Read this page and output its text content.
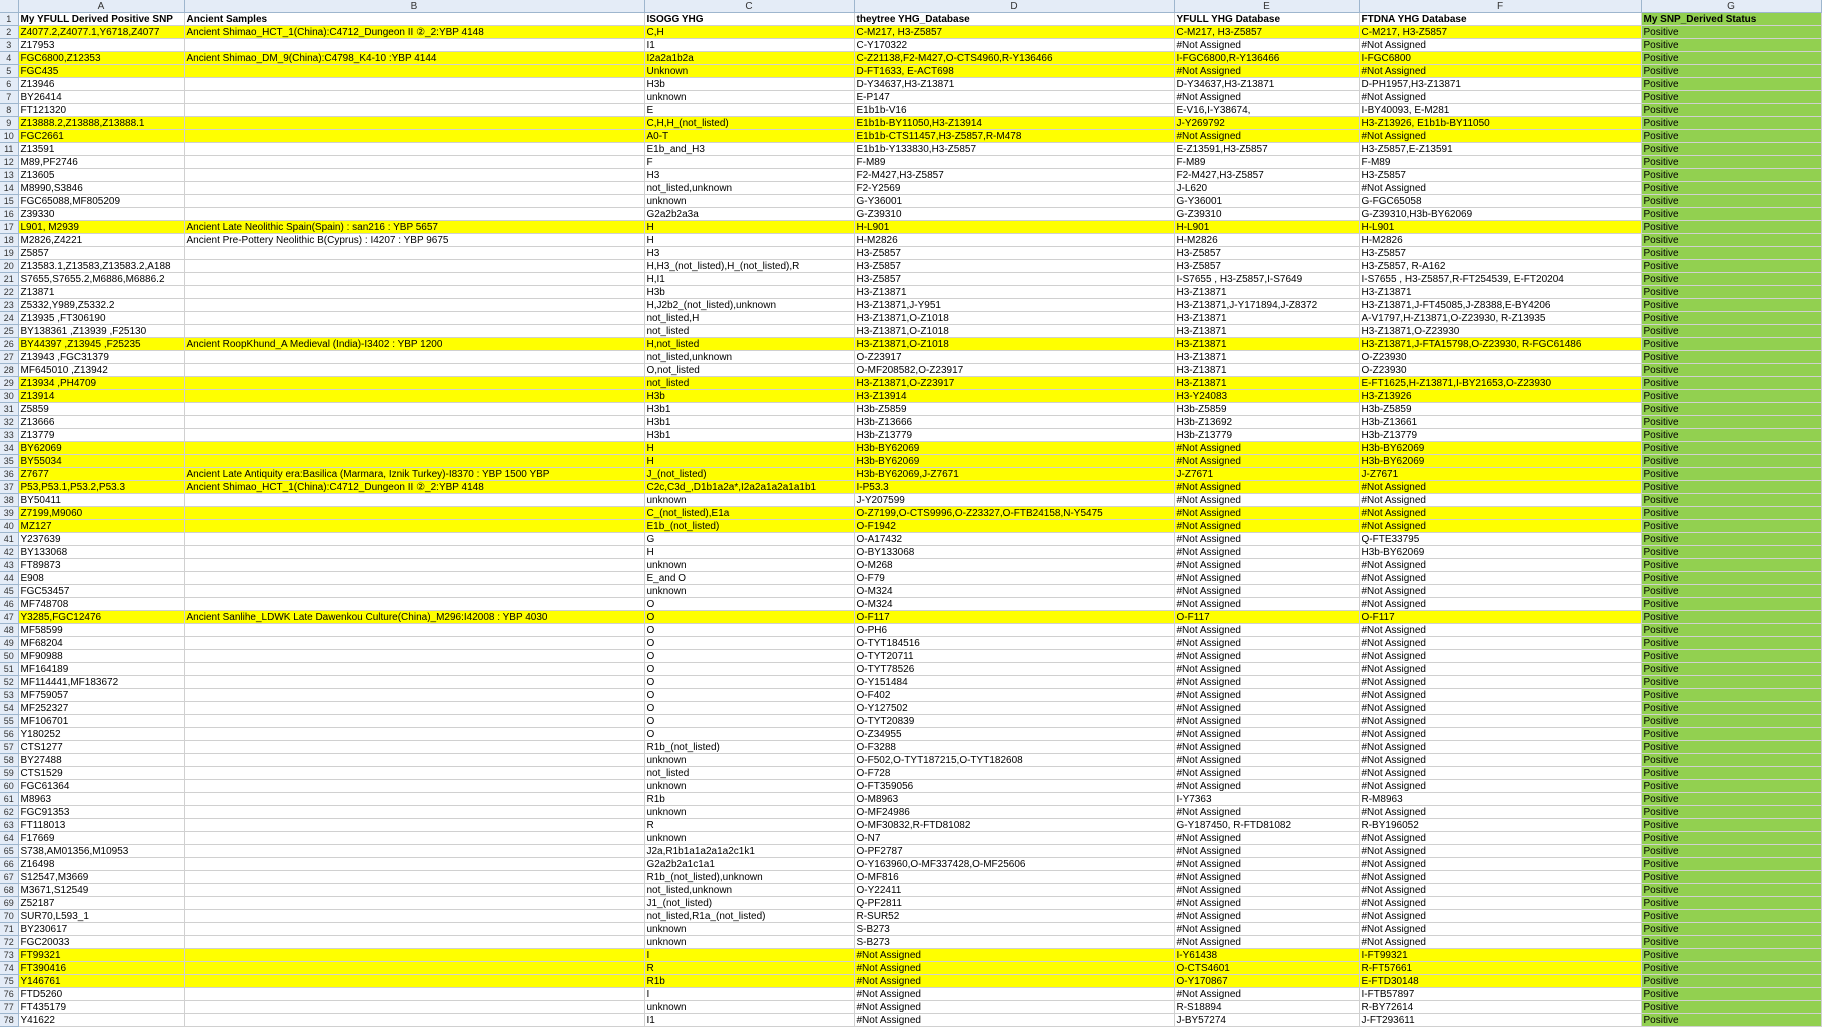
	A	B	C	D	E	F	G
1	My YFULL Derived Positive SNP	Ancient Samples	ISOGG YHG	theytree YHG_Database	YFULL YHG Database	FTDNA YHG Database	My SNP_Derived Status
2	Z4077.2,Z4077.1,Y6718,Z4077	Ancient Shimao_HCT_1(China):C4712_Dungeon II ②_2:YBP 4148	C,H	C-M217, H3-Z5857	C-M217, H3-Z5857	C-M217, H3-Z5857	Positive
3	Z17953		I1	C-Y170322	#Not Assigned	#Not Assigned	Positive
4	FGC6800,Z12353	Ancient Shimao_DM_9(China):C4798_K4-10 :YBP 4144	I2a2a1b2a	C-Z21138,F2-M427,O-CTS4960,R-Y136466	I-FGC6800,R-Y136466	I-FGC6800	Positive
5	FGC435		Unknown	D-FT1633, E-ACT698	#Not Assigned	#Not Assigned	Positive
6	Z13946		H3b	D-Y34637,H3-Z13871	D-Y34637,H3-Z13871	D-PH1957,H3-Z13871	Positive
7	BY26414		unknown	E-P147	#Not Assigned	#Not Assigned	Positive
8	FT121320		E	E1b1b-V16	E-V16,I-Y38674,	I-BY40093, E-M281	Positive
9	Z13888.2,Z13888,Z13888.1		C,H,H_(not_listed)	E1b1b-BY11050,H3-Z13914	J-Y269792	H3-Z13926, E1b1b-BY11050	Positive
10	FGC2661		A0-T	E1b1b-CTS11457,H3-Z5857,R-M478	#Not Assigned	#Not Assigned	Positive
11	Z13591		E1b_and_H3	E1b1b-Y133830,H3-Z5857	E-Z13591,H3-Z5857	H3-Z5857,E-Z13591	Positive
12	M89,PF2746		F	F-M89	F-M89	F-M89	Positive
13	Z13605		H3	F2-M427,H3-Z5857	F2-M427,H3-Z5857	H3-Z5857	Positive
14	M8990,S3846		not_listed,unknown	F2-Y2569	J-L620	#Not Assigned	Positive
15	FGC65088,MF805209		unknown	G-Y36001	G-Y36001	G-FGC65058	Positive
16	Z39330		G2a2b2a3a	G-Z39310	G-Z39310	G-Z39310,H3b-BY62069	Positive
17	L901, M2939	Ancient Late Neolithic Spain(Spain) : san216 : YBP 5657	H	H-L901	H-L901	H-L901	Positive
18	M2826,Z4221	Ancient Pre-Pottery Neolithic B(Cyprus) : I4207 : YBP 9675	H	H-M2826	H-M2826	H-M2826	Positive
19	Z5857		H3	H3-Z5857	H3-Z5857	H3-Z5857	Positive
20	Z13583.1,Z13583,Z13583.2,A188		H,H3_(not_listed),H_(not_listed),R	H3-Z5857	H3-Z5857	H3-Z5857, R-A162	Positive
21	S7655,S7655.2,M6886,M6886.2		H,I1	H3-Z5857	I-S7655 , H3-Z5857,I-S7649	I-S7655 , H3-Z5857,R-FT254539, E-FT20204	Positive
22	Z13871		H3b	H3-Z13871	H3-Z13871	H3-Z13871	Positive
23	Z5332,Y989,Z5332.2		H,J2b2_(not_listed),unknown	H3-Z13871,J-Y951	H3-Z13871,J-Y171894,J-Z8372	H3-Z13871,J-FT45085,J-Z8388,E-BY4206	Positive
24	Z13935 ,FT306190		not_listed,H	H3-Z13871,O-Z1018	H3-Z13871	A-V1797,H-Z13871,O-Z23930, R-Z13935	Positive
25	BY138361 ,Z13939 ,F25130		not_listed	H3-Z13871,O-Z1018	H3-Z13871	H3-Z13871,O-Z23930	Positive
26	BY44397 ,Z13945 ,F25235	Ancient RoopKhund_A Medieval (India)-I3402 : YBP 1200	H,not_listed	H3-Z13871,O-Z1018	H3-Z13871	H3-Z13871,J-FTA15798,O-Z23930, R-FGC61486	Positive
27	Z13943 ,FGC31379		not_listed,unknown	O-Z23917	H3-Z13871	O-Z23930	Positive
28	MF645010 ,Z13942		O,not_listed	O-MF208582,O-Z23917	H3-Z13871	O-Z23930	Positive
29	Z13934 ,PH4709		not_listed	H3-Z13871,O-Z23917	H3-Z13871	E-FT1625,H-Z13871,I-BY21653,O-Z23930	Positive
30	Z13914		H3b	H3-Z13914	H3-Y24083	H3-Z13926	Positive
31	Z5859		H3b1	H3b-Z5859	H3b-Z5859	H3b-Z5859	Positive
32	Z13666		H3b1	H3b-Z13666	H3b-Z13692	H3b-Z13661	Positive
33	Z13779		H3b1	H3b-Z13779	H3b-Z13779	H3b-Z13779	Positive
34	BY62069		H	H3b-BY62069	#Not Assigned	H3b-BY62069	Positive
35	BY55034		H	H3b-BY62069	#Not Assigned	H3b-BY62069	Positive
36	Z7677	Ancient Late Antiquity era:Basilica (Marmara, Iznik Turkey)-I8370 : YBP 1500 YBP	J_(not_listed)	H3b-BY62069,J-Z7671	J-Z7671	J-Z7671	Positive
37	P53,P53.1,P53.2,P53.3	Ancient Shimao_HCT_1(China):C4712_Dungeon II ②_2:YBP 4148	C2c,C3d_,D1b1a2a*,I2a2a1a2a1a1b1	I-P53.3	#Not Assigned	#Not Assigned	Positive
38	BY50411		unknown	J-Y207599	#Not Assigned	#Not Assigned	Positive
39	Z7199,M9060		C_(not_listed),E1a	O-Z7199,O-CTS9996,O-Z23327,O-FTB24158,N-Y5475	#Not Assigned	#Not Assigned	Positive
40	MZ127		E1b_(not_listed)	O-F1942	#Not Assigned	#Not Assigned	Positive
41	Y237639		G	O-A17432	#Not Assigned	Q-FTE33795	Positive
42	BY133068		H	O-BY133068	#Not Assigned	H3b-BY62069	Positive
43	FT89873		unknown	O-M268	#Not Assigned	#Not Assigned	Positive
44	E908		E_and O	O-F79	#Not Assigned	#Not Assigned	Positive
45	FGC53457		unknown	O-M324	#Not Assigned	#Not Assigned	Positive
46	MF748708		O	O-M324	#Not Assigned	#Not Assigned	Positive
47	Y3285,FGC12476	Ancient Sanlihe_LDWK Late Dawenkou Culture(China)_M296:I42008 : YBP 4030	O	O-F117	O-F117	O-F117	Positive
48	MF58599		O	O-PH6	#Not Assigned	#Not Assigned	Positive
49	MF68204		O	O-TYT184516	#Not Assigned	#Not Assigned	Positive
50	MF90988		O	O-TYT20711	#Not Assigned	#Not Assigned	Positive
51	MF164189		O	O-TYT78526	#Not Assigned	#Not Assigned	Positive
52	MF114441,MF183672		O	O-Y151484	#Not Assigned	#Not Assigned	Positive
53	MF759057		O	O-F402	#Not Assigned	#Not Assigned	Positive
54	MF252327		O	O-Y127502	#Not Assigned	#Not Assigned	Positive
55	MF106701		O	O-TYT20839	#Not Assigned	#Not Assigned	Positive
56	Y180252		O	O-Z34955	#Not Assigned	#Not Assigned	Positive
57	CTS1277		R1b_(not_listed)	O-F3288	#Not Assigned	#Not Assigned	Positive
58	BY27488		unknown	O-F502,O-TYT187215,O-TYT182608	#Not Assigned	#Not Assigned	Positive
59	CTS1529		not_listed	O-F728	#Not Assigned	#Not Assigned	Positive
60	FGC61364		unknown	O-FT359056	#Not Assigned	#Not Assigned	Positive
61	M8963		R1b	O-M8963	I-Y7363	R-M8963	Positive
62	FGC91353		unknown	O-MF24986	#Not Assigned	#Not Assigned	Positive
63	FT118013		R	O-MF30832,R-FTD81082	G-Y187450, R-FTD81082	R-BY196052	Positive
64	F17669		unknown	O-N7	#Not Assigned	#Not Assigned	Positive
65	S738,AM01356,M10953		J2a,R1b1a1a2a1a2c1k1	O-PF2787	#Not Assigned	#Not Assigned	Positive
66	Z16498		G2a2b2a1c1a1	O-Y163960,O-MF337428,O-MF25606	#Not Assigned	#Not Assigned	Positive
67	S12547,M3669		R1b_(not_listed),unknown	O-MF816	#Not Assigned	#Not Assigned	Positive
68	M3671,S12549		not_listed,unknown	O-Y22411	#Not Assigned	#Not Assigned	Positive
69	Z52187		J1_(not_listed)	Q-PF2811	#Not Assigned	#Not Assigned	Positive
70	SUR70,L593_1		not_listed,R1a_(not_listed)	R-SUR52	#Not Assigned	#Not Assigned	Positive
71	BY230617		unknown	S-B273	#Not Assigned	#Not Assigned	Positive
72	FGC20033		unknown	S-B273	#Not Assigned	#Not Assigned	Positive
73	FT99321		I	#Not Assigned	I-Y61438	I-FT99321	Positive
74	FT390416		R	#Not Assigned	O-CTS4601	R-FT57661	Positive
75	Y146761		R1b	#Not Assigned	O-Y170867	E-FTD30148	Positive
76	FTD5260		I	#Not Assigned	#Not Assigned	I-FTB57897	Positive
77	FT435179		unknown	#Not Assigned	R-S18894	R-BY72614	Positive
78	Y41622		I1	#Not Assigned	J-BY57274	J-FT293611	Positive
